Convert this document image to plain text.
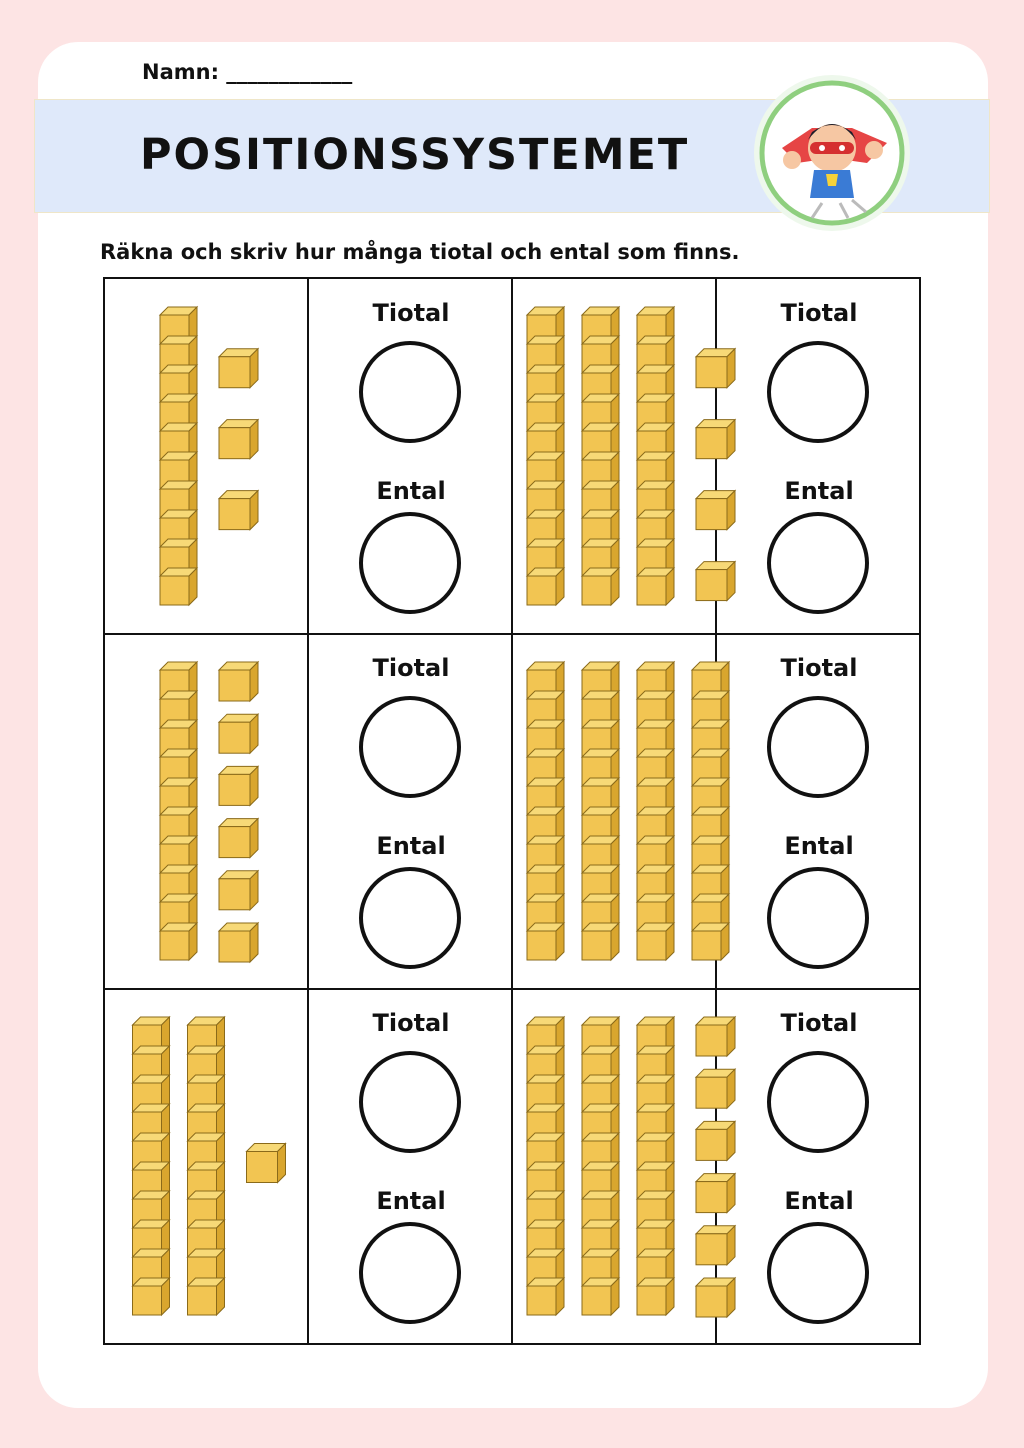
Namn: ____________
POSITIONSSYSTEMET
Räkna och skriv hur många tiotal och ental som finns.
Tiotal
Ental
Tiotal
Ental
Tiotal
Ental
Tiotal
Ental
Tiotal
Ental
Tiotal
Ental
